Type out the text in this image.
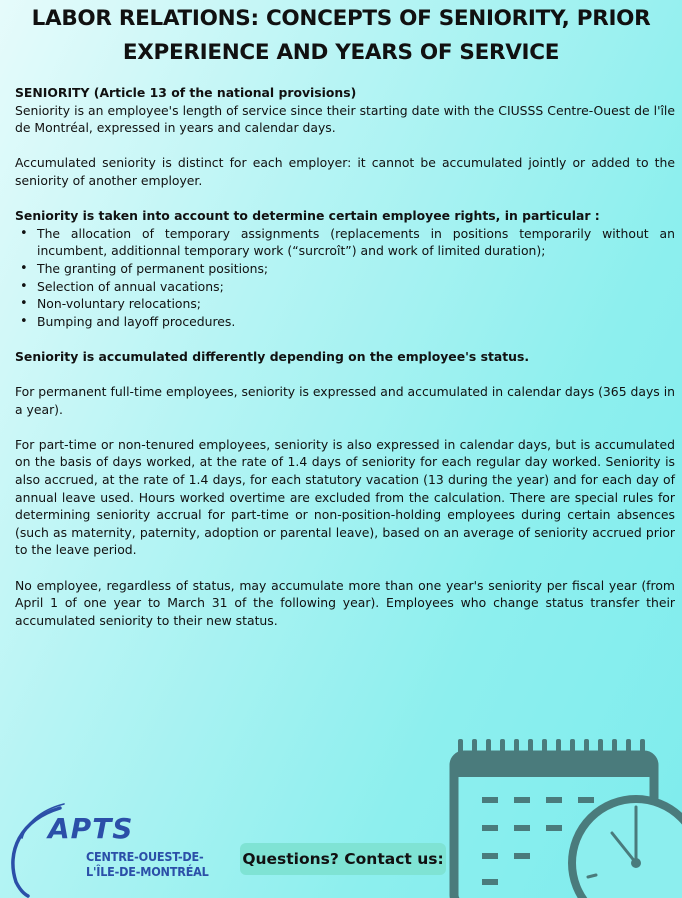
LABOR RELATIONS: CONCEPTS OF SENIORITY, PRIOR
EXPERIENCE AND YEARS OF SERVICE

SENIORITY (Article 13 of the national provisions)

Seniority is an employee's length of service since their starting date with the CIUSSS Centre-Ouest de l'île de Montréal, expressed in years and calendar days.

Accumulated seniority is distinct for each employer: it cannot be accumulated jointly or added to the seniority of another employer.

Seniority is taken into account to determine certain employee rights, in particular :

• The allocation of temporary assignments (replacements in positions temporarily without an incumbent, additionnal temporary work (“surcroît”) and work of limited duration);
• The granting of permanent positions;
• Selection of annual vacations;
• Non-voluntary relocations;
• Bumping and layoff procedures.

Seniority is accumulated differently depending on the employee's status.

For permanent full-time employees, seniority is expressed and accumulated in calendar days (365 days in a year).

For part-time or non-tenured employees, seniority is also expressed in calendar days, but is accumulated on the basis of days worked, at the rate of 1.4 days of seniority for each regular day worked. Seniority is also accrued, at the rate of 1.4 days, for each statutory vacation (13 during the year) and for each day of annual leave used. Hours worked overtime are excluded from the calculation. There are special rules for determining seniority accrual for part-time or non-position-holding employees during certain absences (such as maternity, paternity, adoption or parental leave), based on an average of seniority accrued prior to the leave period.

No employee, regardless of status, may accumulate more than one year's seniority per fiscal year (from April 1 of one year to March 31 of the following year). Employees who change status transfer their accumulated seniority to their new status.

APTS
CENTRE-OUEST-DE-
L'ÎLE-DE-MONTRÉAL
Questions? Contact us:
